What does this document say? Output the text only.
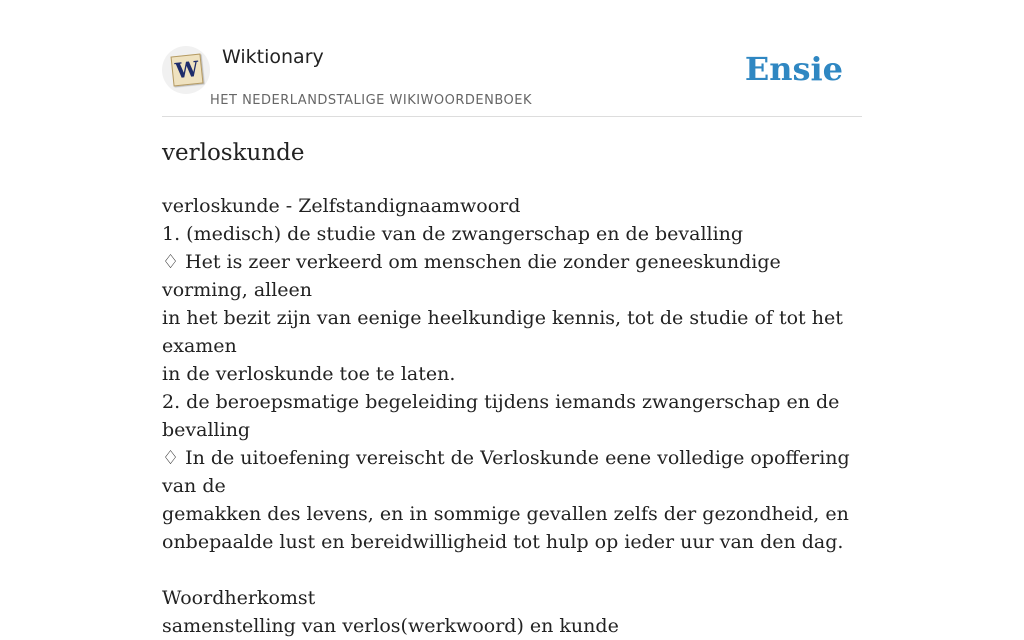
W Wiktionary
HET NEDERLANDSTALIGE WIKIWOORDENBOEK
Ensie
verloskunde
verloskunde - Zelfstandignaamwoord
1. (medisch) de studie van de zwangerschap en de bevalling
♢ Het is zeer verkeerd om menschen die zonder geneeskundige vorming, alleen
in het bezit zijn van eenige heelkundige kennis, tot de studie of tot het examen
in de verloskunde toe te laten.
2. de beroepsmatige begeleiding tijdens iemands zwangerschap en de bevalling
♢ In de uitoefening vereischt de Verloskunde eene volledige opoffering van de
gemakken des levens, en in sommige gevallen zelfs der gezondheid, en
onbepaalde lust en bereidwilligheid tot hulp op ieder uur van den dag.
Woordherkomst
samenstelling van verlos(werkwoord) en kunde
